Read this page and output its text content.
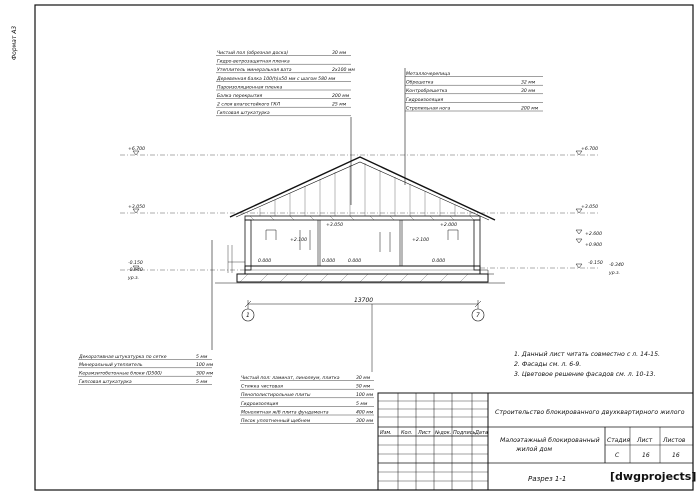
Формат А3	Чистый пол (обрезная доска)	30 мм
Гидро-ветрозащитная пленка
Утеплитель минеральная вата	2х100 мм
Деревянная балка 100(h)х50 мм с шагом 580 мм
Пароизоляционная пленка
Балка перекрытия	200 мм
2 слоя влагостойкого ГКЛ	25 мм
Гипсовая штукатурка
Металлочерепица
Обрешетка	32 мм
Контробрешетка	30 мм
Гидроизоляция
Стропильная нога	200 мм
+6.700	+6.700
+3.050	+3.050
+2.600
+0.900
-0.150 -0.340
ур.з.
-0.150
-0.640
ур.з.
+3.050	+2.000
+2.100	+2.100
0.000	0.000	0.000	0.000
13700
1	7
Декоративная штукатурка по сетке	5 мм
Минеральный утеплитель	100 мм
Керамзитобетонные блоки (D500)	300 мм
Гипсовая штукатурка	5 мм
Чистый пол: ламинат, линолеум, плитка	30 мм
Стяжка чистовая	50 мм
Пенополистирольные плиты	100 мм
Гидроизоляция	5 мм
Монолитная ж/б плита фундамента	400 мм
Песок уплотненный щебнем	300 мм
1. Данный лист читать совместно с л. 14-15.
2. Фасады см. л. 6-9.
3. Цветовое решение фасадов см. л. 10-13.
Изм. Кол. Лист №док. Подпись Дата
Строительство блокированного двухквартирного жилого
Малоэтажный блокированный жилой дом
Стадия Лист Листов
С	16	16
Разрез 1-1	[dwgprojects]
